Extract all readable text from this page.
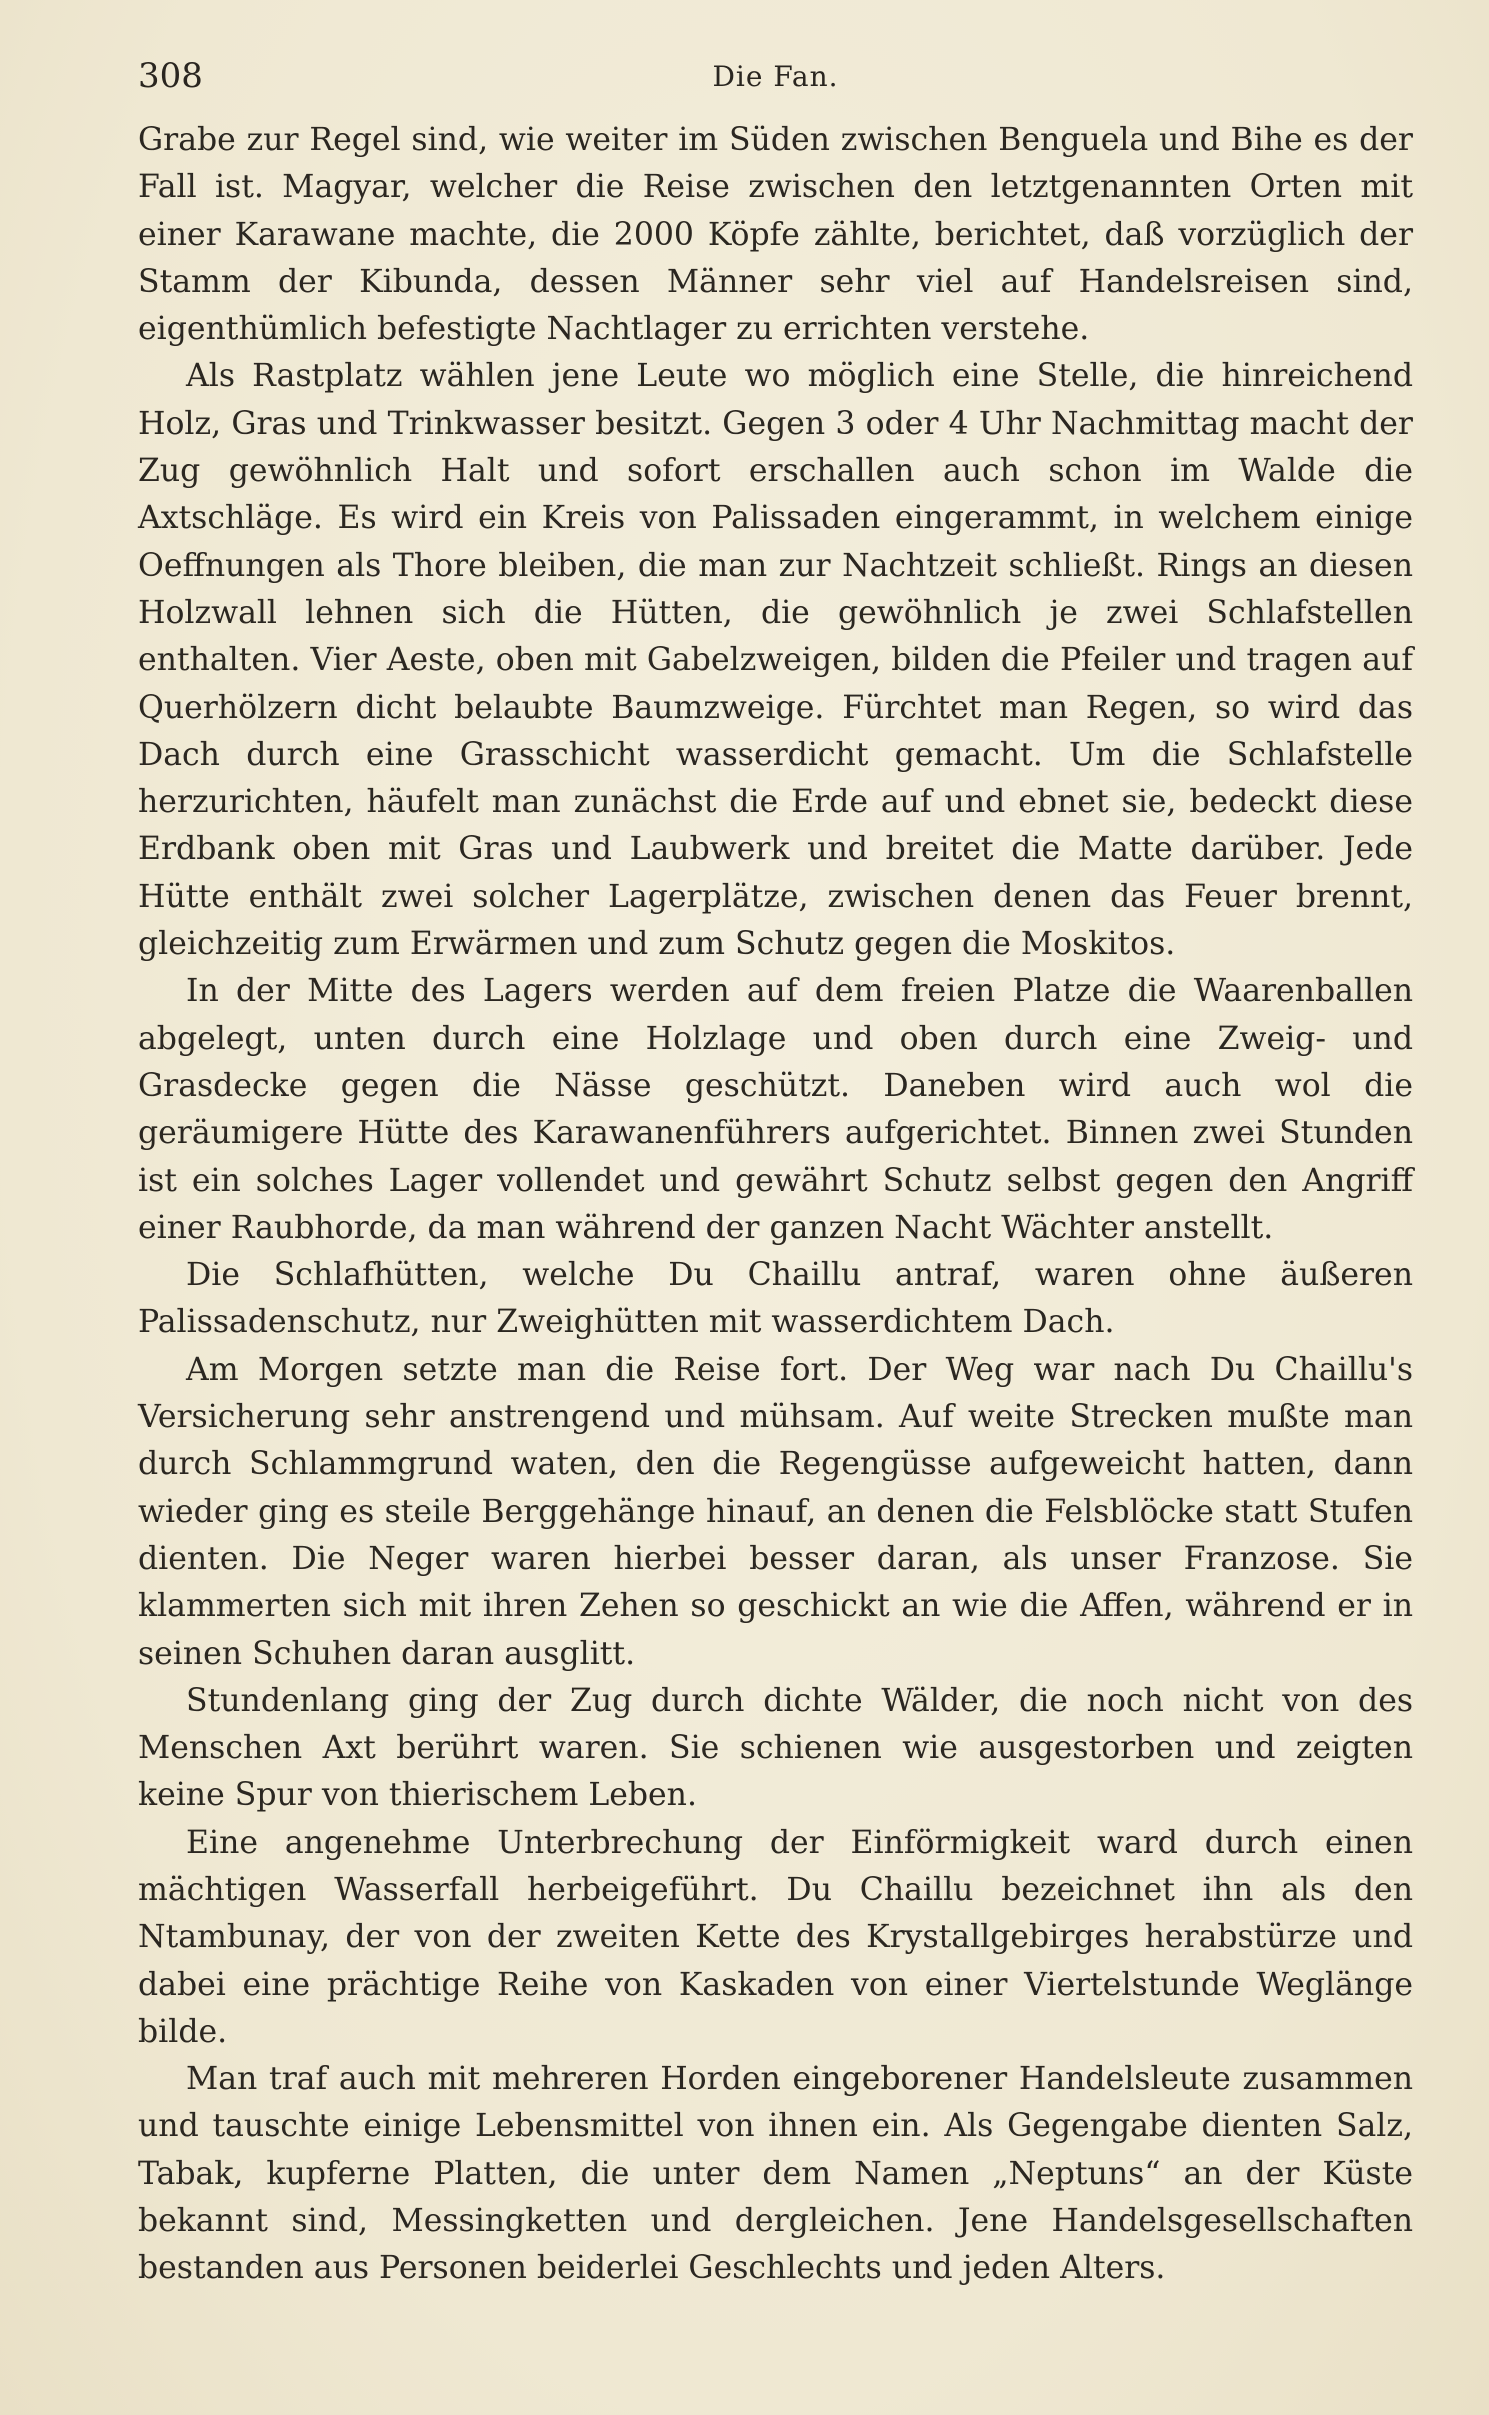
308	Die Fan.

Grabe zur Regel sind, wie weiter im Süden zwischen Benguela und Bihe es der Fall ist. Magyar, welcher die Reise zwischen den letztgenannten Orten mit einer Karawane machte, die 2000 Köpfe zählte, berichtet, daß vorzüglich der Stamm der Kibunda, dessen Männer sehr viel auf Handelsreisen sind, eigenthümlich befestigte Nachtlager zu errichten verstehe.

Als Rastplatz wählen jene Leute wo möglich eine Stelle, die hinreichend Holz, Gras und Trinkwasser besitzt. Gegen 3 oder 4 Uhr Nachmittag macht der Zug gewöhnlich Halt und sofort erschallen auch schon im Walde die Axtschläge. Es wird ein Kreis von Palissaden eingerammt, in welchem einige Oeffnungen als Thore bleiben, die man zur Nachtzeit schließt. Rings an diesen Holzwall lehnen sich die Hütten, die gewöhnlich je zwei Schlafstellen enthalten. Vier Aeste, oben mit Gabelzweigen, bilden die Pfeiler und tragen auf Querhölzern dicht belaubte Baumzweige. Fürchtet man Regen, so wird das Dach durch eine Grasschicht wasserdicht gemacht. Um die Schlafstelle herzurichten, häufelt man zunächst die Erde auf und ebnet sie, bedeckt diese Erdbank oben mit Gras und Laubwerk und breitet die Matte darüber. Jede Hütte enthält zwei solcher Lagerplätze, zwischen denen das Feuer brennt, gleichzeitig zum Erwärmen und zum Schutz gegen die Moskitos.

In der Mitte des Lagers werden auf dem freien Platze die Waarenballen abgelegt, unten durch eine Holzlage und oben durch eine Zweig- und Grasdecke gegen die Nässe geschützt. Daneben wird auch wol die geräumigere Hütte des Karawanenführers aufgerichtet. Binnen zwei Stunden ist ein solches Lager vollendet und gewährt Schutz selbst gegen den Angriff einer Raubhorde, da man während der ganzen Nacht Wächter anstellt.

Die Schlafhütten, welche Du Chaillu antraf, waren ohne äußeren Palissadenschutz, nur Zweighütten mit wasserdichtem Dach.

Am Morgen setzte man die Reise fort. Der Weg war nach Du Chaillu's Versicherung sehr anstrengend und mühsam. Auf weite Strecken mußte man durch Schlammgrund waten, den die Regengüsse aufgeweicht hatten, dann wieder ging es steile Berggehänge hinauf, an denen die Felsblöcke statt Stufen dienten. Die Neger waren hierbei besser daran, als unser Franzose. Sie klammerten sich mit ihren Zehen so geschickt an wie die Affen, während er in seinen Schuhen daran ausglitt.

Stundenlang ging der Zug durch dichte Wälder, die noch nicht von des Menschen Axt berührt waren. Sie schienen wie ausgestorben und zeigten keine Spur von thierischem Leben.

Eine angenehme Unterbrechung der Einförmigkeit ward durch einen mächtigen Wasserfall herbeigeführt. Du Chaillu bezeichnet ihn als den Ntambunay, der von der zweiten Kette des Krystallgebirges herabstürze und dabei eine prächtige Reihe von Kaskaden von einer Viertelstunde Weglänge bilde.

Man traf auch mit mehreren Horden eingeborener Handelsleute zusammen und tauschte einige Lebensmittel von ihnen ein. Als Gegengabe dienten Salz, Tabak, kupferne Platten, die unter dem Namen „Neptuns“ an der Küste bekannt sind, Messingketten und dergleichen. Jene Handelsgesellschaften bestanden aus Personen beiderlei Geschlechts und jeden Alters.
